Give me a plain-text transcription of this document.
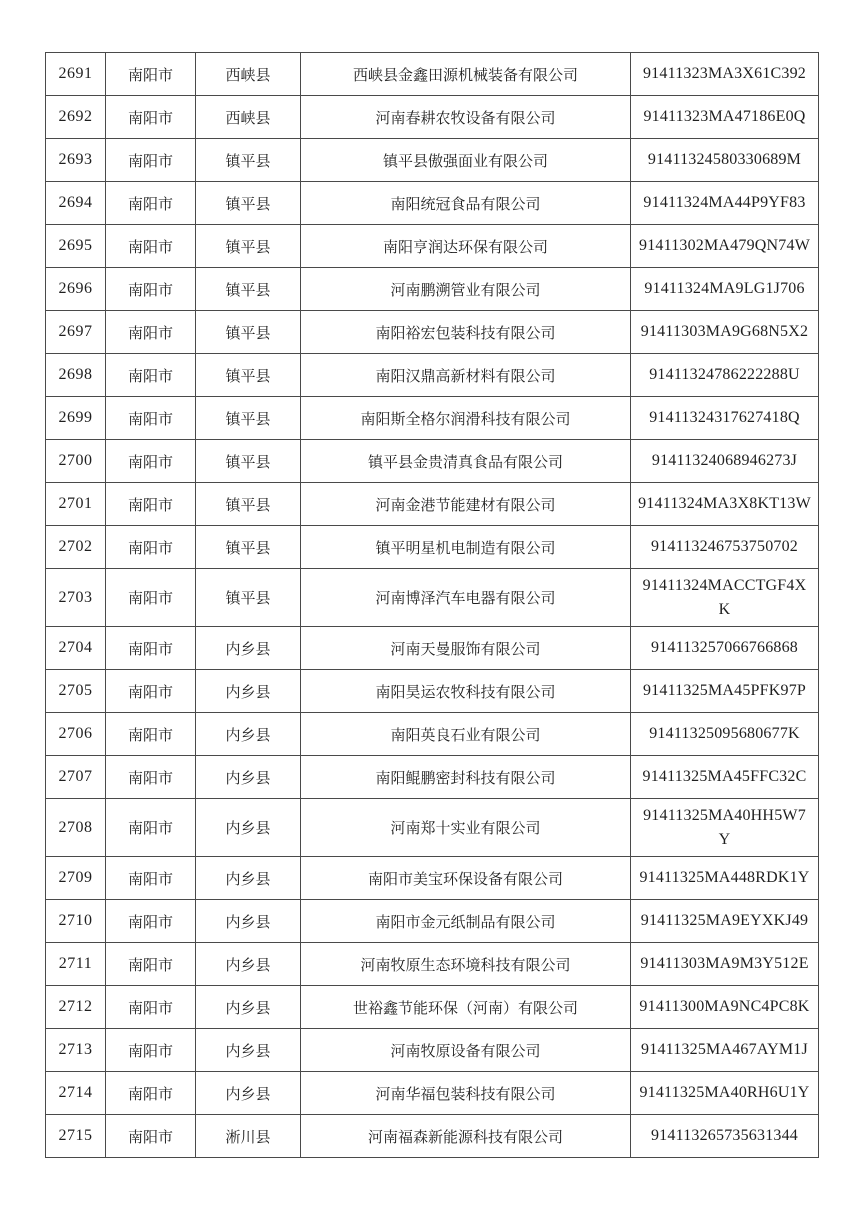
2691	南阳市	西峡县	西峡县金鑫田源机械装备有限公司	91411323MA3X61C392
2692	南阳市	西峡县	河南春耕农牧设备有限公司	91411323MA47186E0Q
2693	南阳市	镇平县	镇平县傲强面业有限公司	91411324580330689M
2694	南阳市	镇平县	南阳统冠食品有限公司	91411324MA44P9YF83
2695	南阳市	镇平县	南阳亨润达环保有限公司	91411302MA479QN74W
2696	南阳市	镇平县	河南鹏溯管业有限公司	91411324MA9LG1J706
2697	南阳市	镇平县	南阳裕宏包装科技有限公司	91411303MA9G68N5X2
2698	南阳市	镇平县	南阳汉鼎高新材料有限公司	91411324786222288U
2699	南阳市	镇平县	南阳斯全格尔润滑科技有限公司	91411324317627418Q
2700	南阳市	镇平县	镇平县金贵清真食品有限公司	91411324068946273J
2701	南阳市	镇平县	河南金港节能建材有限公司	91411324MA3X8KT13W
2702	南阳市	镇平县	镇平明星机电制造有限公司	914113246753750702
2703	南阳市	镇平县	河南博泽汽车电器有限公司	91411324MACCTGF4X
K
2704	南阳市	内乡县	河南天曼服饰有限公司	914113257066766868
2705	南阳市	内乡县	南阳昊运农牧科技有限公司	91411325MA45PFK97P
2706	南阳市	内乡县	南阳英良石业有限公司	91411325095680677K
2707	南阳市	内乡县	南阳鲲鹏密封科技有限公司	91411325MA45FFC32C
2708	南阳市	内乡县	河南郑十实业有限公司	91411325MA40HH5W7
Y
2709	南阳市	内乡县	南阳市美宝环保设备有限公司	91411325MA448RDK1Y
2710	南阳市	内乡县	南阳市金元纸制品有限公司	91411325MA9EYXKJ49
2711	南阳市	内乡县	河南牧原生态环境科技有限公司	91411303MA9M3Y512E
2712	南阳市	内乡县	世裕鑫节能环保（河南）有限公司	91411300MA9NC4PC8K
2713	南阳市	内乡县	河南牧原设备有限公司	91411325MA467AYM1J
2714	南阳市	内乡县	河南华福包装科技有限公司	91411325MA40RH6U1Y
2715	南阳市	淅川县	河南福森新能源科技有限公司	914113265735631344
